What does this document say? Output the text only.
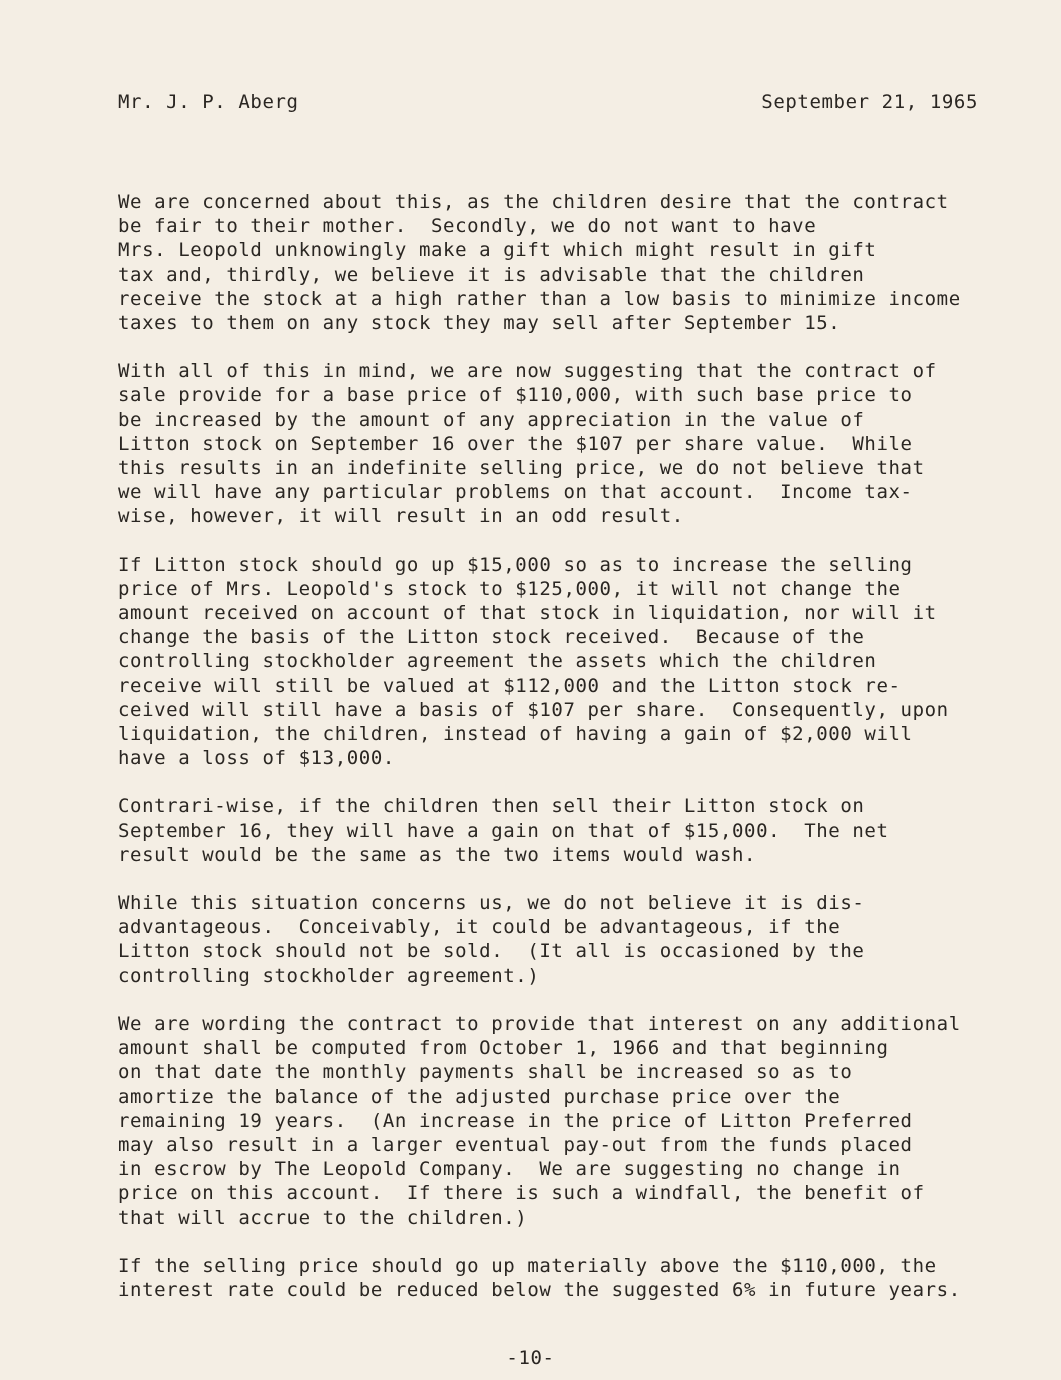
Mr. J. P. Aberg	September 21, 1965
We are concerned about this, as the children desire that the contract
be fair to their mother.  Secondly, we do not want to have
Mrs. Leopold unknowingly make a gift which might result in gift
tax and, thirdly, we believe it is advisable that the children
receive the stock at a high rather than a low basis to minimize income
taxes to them on any stock they may sell after September 15.
With all of this in mind, we are now suggesting that the contract of
sale provide for a base price of $110,000, with such base price to
be increased by the amount of any appreciation in the value of
Litton stock on September 16 over the $107 per share value.  While
this results in an indefinite selling price, we do not believe that
we will have any particular problems on that account.  Income tax-
wise, however, it will result in an odd result.
If Litton stock should go up $15,000 so as to increase the selling
price of Mrs. Leopold's stock to $125,000, it will not change the
amount received on account of that stock in liquidation, nor will it
change the basis of the Litton stock received.  Because of the
controlling stockholder agreement the assets which the children
receive will still be valued at $112,000 and the Litton stock re-
ceived will still have a basis of $107 per share.  Consequently, upon
liquidation, the children, instead of having a gain of $2,000 will
have a loss of $13,000.
Contrari-wise, if the children then sell their Litton stock on
September 16, they will have a gain on that of $15,000.  The net
result would be the same as the two items would wash.
While this situation concerns us, we do not believe it is dis-
advantageous.  Conceivably, it could be advantageous, if the
Litton stock should not be sold.  (It all is occasioned by the
controlling stockholder agreement.)
We are wording the contract to provide that interest on any additional
amount shall be computed from October 1, 1966 and that beginning
on that date the monthly payments shall be increased so as to
amortize the balance of the adjusted purchase price over the
remaining 19 years.  (An increase in the price of Litton Preferred
may also result in a larger eventual pay-out from the funds placed
in escrow by The Leopold Company.  We are suggesting no change in
price on this account.  If there is such a windfall, the benefit of
that will accrue to the children.)
If the selling price should go up materially above the $110,000, the
interest rate could be reduced below the suggested 6% in future years.
-10-
